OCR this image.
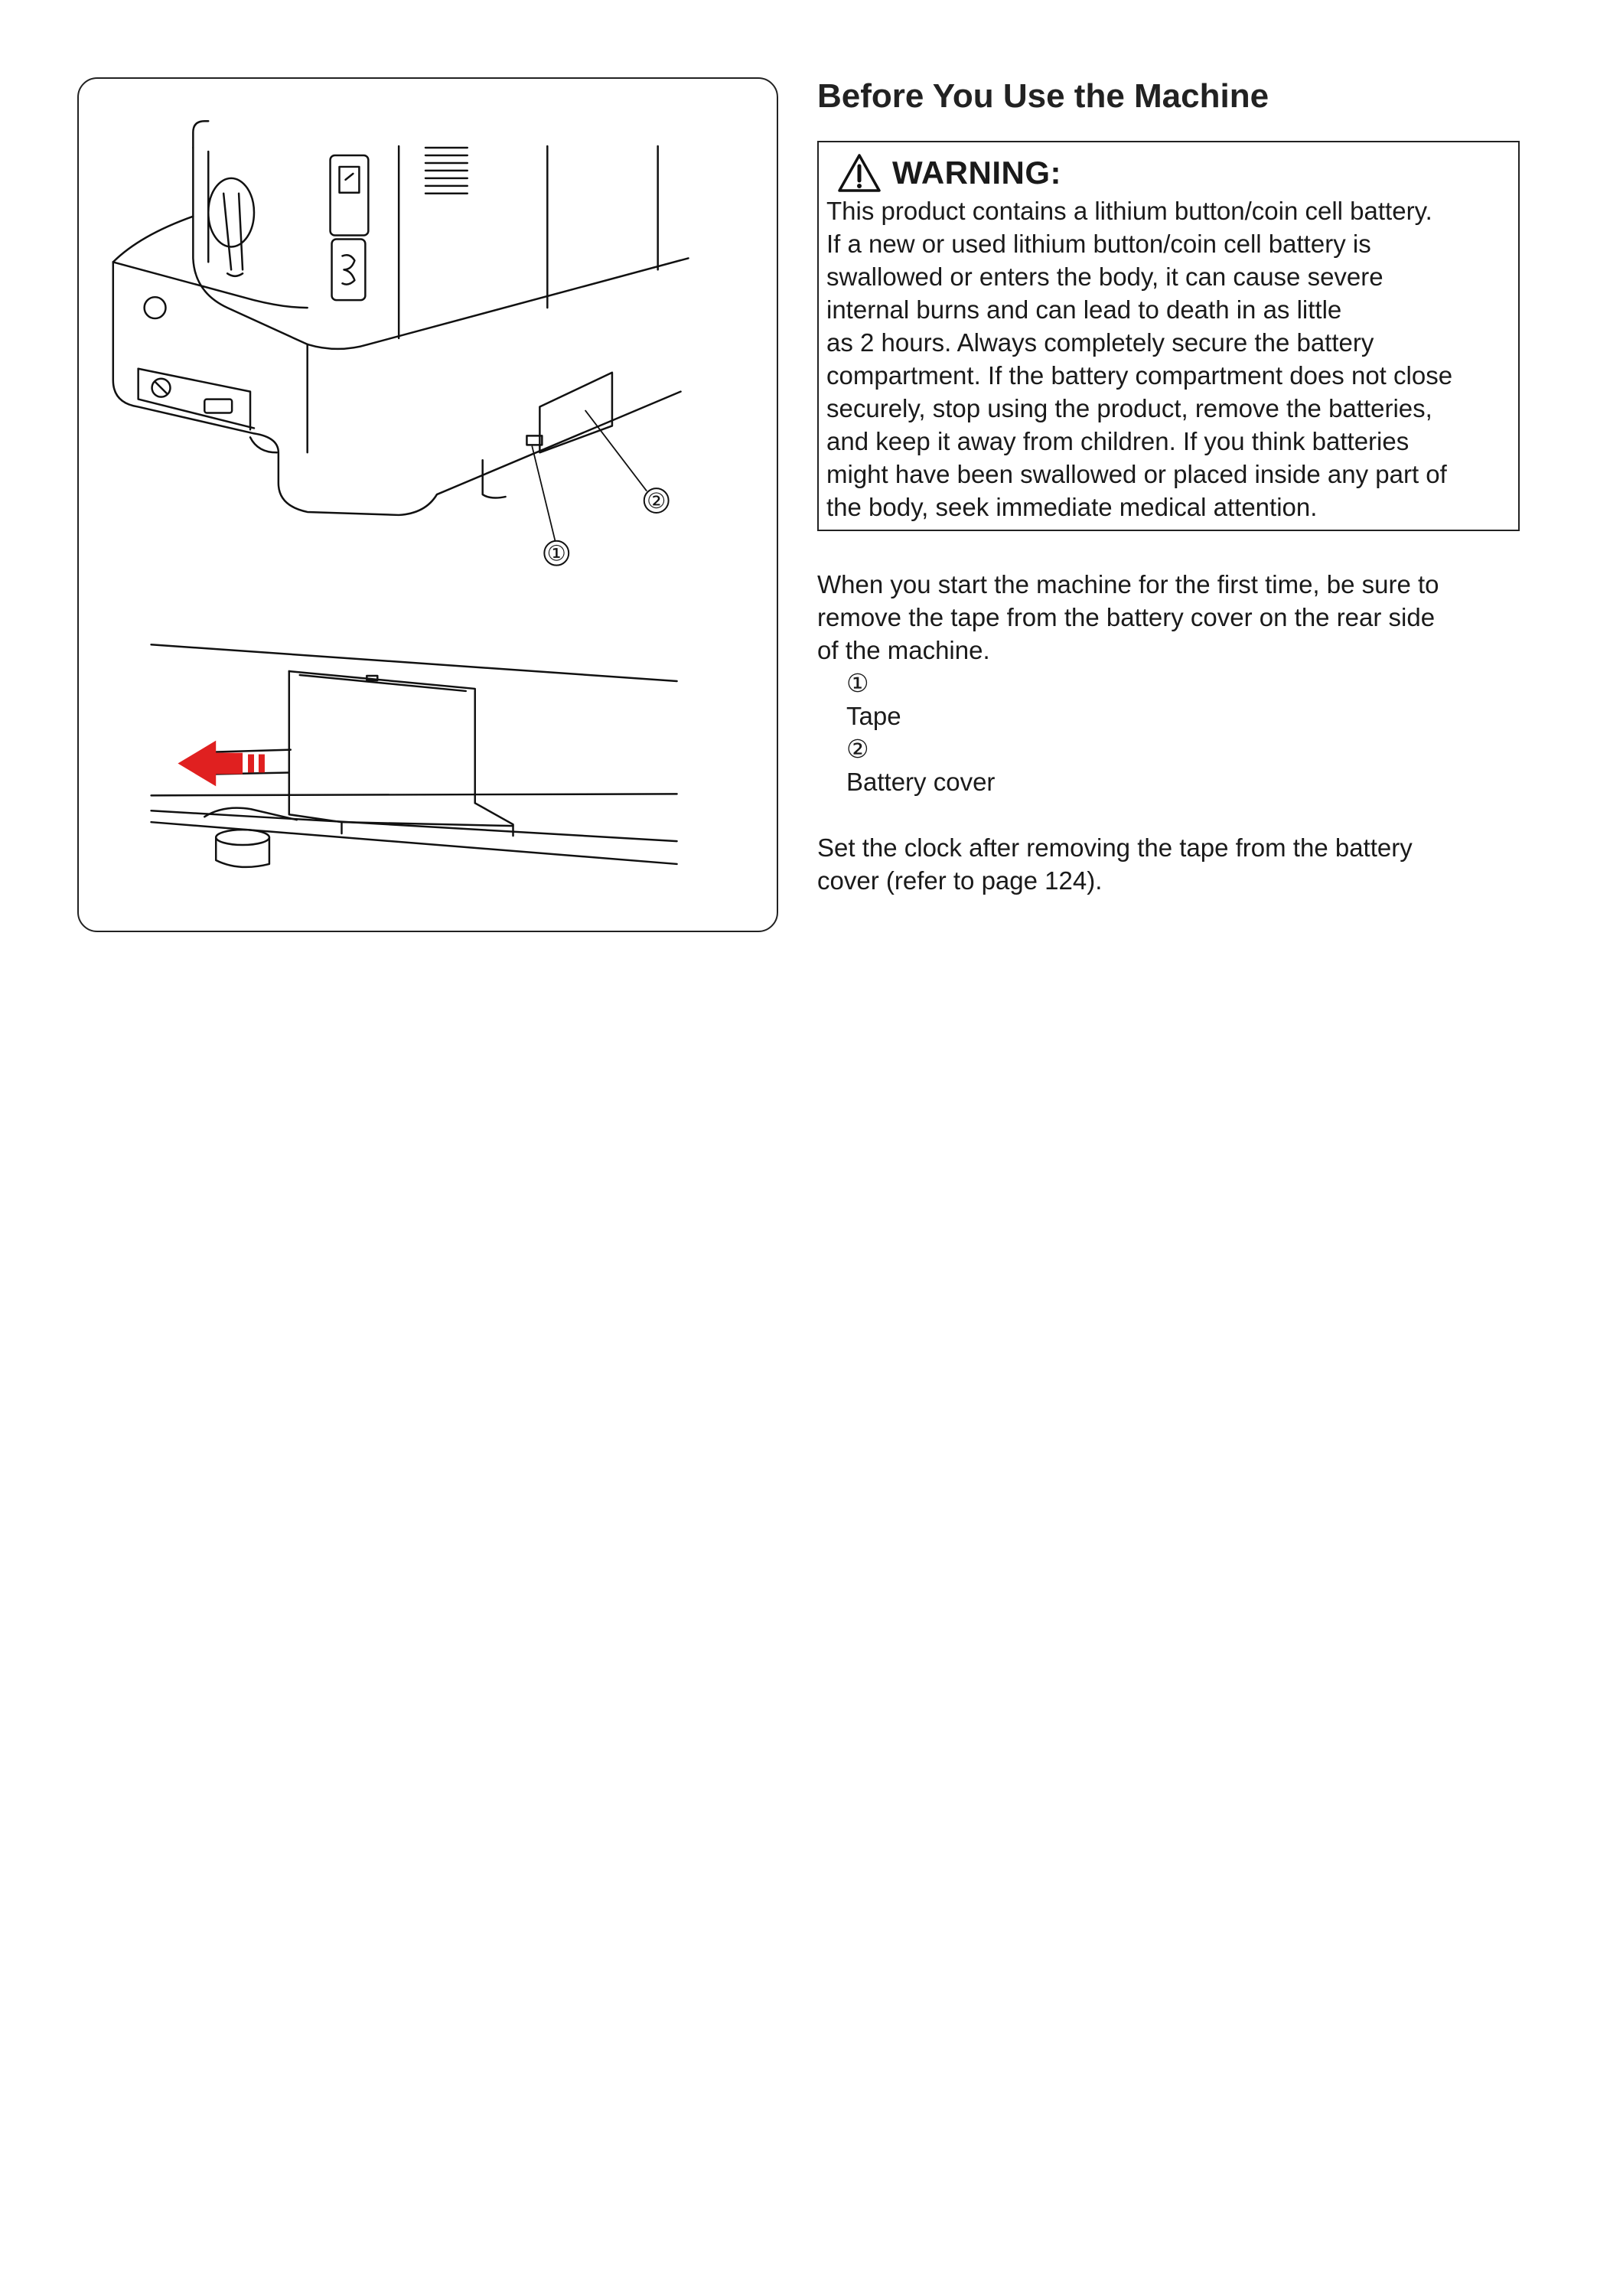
①
②
Before You Use the Machine
WARNING:

This product contains a lithium button/coin cell battery.
If a new or used lithium button/coin cell battery is
swallowed or enters the body, it can cause severe
internal burns and can lead to death in as little
as 2 hours. Always completely secure the battery
compartment. If the battery compartment does not close
securely, stop using the product, remove the batteries,
and keep it away from children. If you think batteries
might have been swallowed or placed inside any part of
the body, seek immediate medical attention.

When you start the machine for the first time, be sure to
remove the tape from the battery cover on the rear side
of the machine.
①
Tape
②
Battery cover

Set the clock after removing the tape from the battery
cover (refer to page 124).
